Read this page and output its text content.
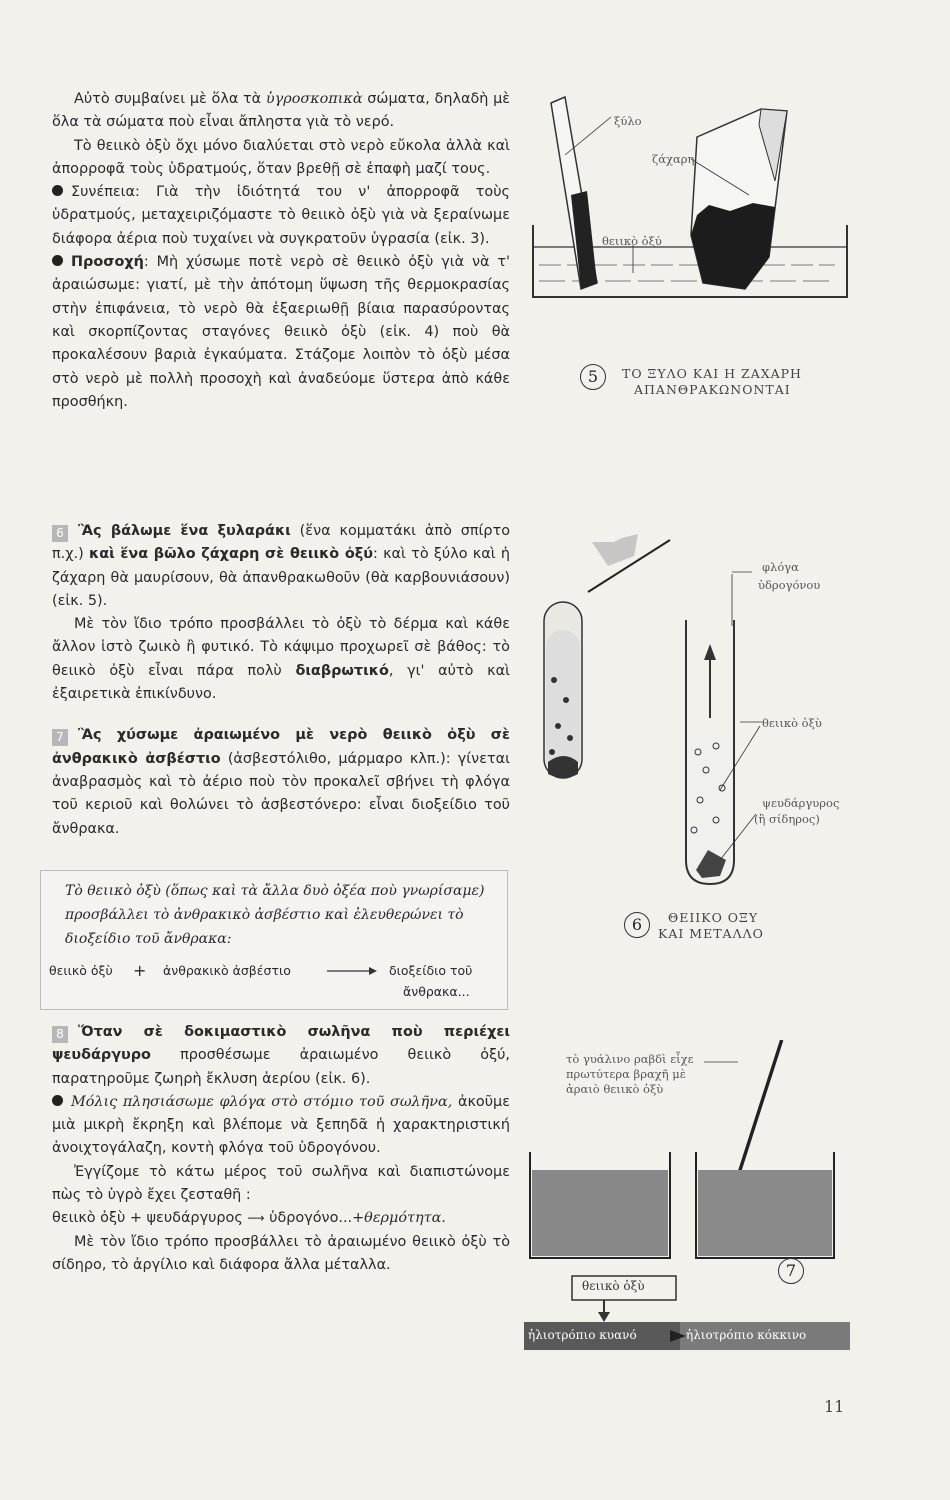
Αὐτὸ συμβαίνει μὲ ὅλα τὰ ὑγροσκοπικὰ σώματα, δηλαδὴ μὲ ὅλα τὰ σώματα ποὺ εἶναι ἄπληστα γιὰ τὸ νερό.

Τὸ θειικὸ ὀξὺ ὄχι μόνο διαλύεται στὸ νερὸ εὔκολα ἀλλὰ καὶ ἀπορροφᾶ τοὺς ὑδρατμούς, ὅταν βρεθῇ σὲ ἐπαφὴ μαζί τους.

Συνέπεια: Γιὰ τὴν ἰδιότητά του ν' ἀπορροφᾶ τοὺς ὑδρατμούς, μεταχειριζόμαστε τὸ θειικὸ ὀξὺ γιὰ νὰ ξεραίνωμε διάφορα ἀέρια ποὺ τυχαίνει νὰ συγκρατοῦν ὑγρασία (εἰκ. 3).

Προσοχή: Μὴ χύσωμε ποτὲ νερὸ σὲ θειικὸ ὀξὺ γιὰ νὰ τ' ἀραιώσωμε: γιατί, μὲ τὴν ἀπότομη ὕψωση τῆς θερμοκρασίας στὴν ἐπιφάνεια, τὸ νερὸ θὰ ἐξαεριωθῇ βίαια παρασύροντας καὶ σκορπίζοντας σταγόνες θειικὸ ὀξὺ (εἰκ. 4) ποὺ θὰ προκαλέσουν βαριὰ ἐγκαύματα. Στάζομε λοιπὸν τὸ ὀξὺ μέσα στὸ νερὸ μὲ πολλὴ προσοχὴ καὶ ἀναδεύομε ὕστερα ἀπὸ κάθε προσθήκη.

6 Ἂς βάλωμε ἕνα ξυλαράκι (ἕνα κομματάκι ἀπὸ σπίρτο π.χ.) καὶ ἕνα βῶλο ζάχαρη σὲ θειικὸ ὀξύ: καὶ τὸ ξύλο καὶ ἡ ζάχαρη θὰ μαυρίσουν, θὰ ἀπανθρακωθοῦν (θὰ καρβουνιάσουν) (εἰκ. 5).

Μὲ τὸν ἴδιο τρόπο προσβάλλει τὸ ὀξὺ τὸ δέρμα καὶ κάθε ἄλλον ἱστὸ ζωικὸ ἢ φυτικό. Τὸ κάψιμο προχωρεῖ σὲ βάθος: τὸ θειικὸ ὀξὺ εἶναι πάρα πολὺ διαβρωτικό, γι' αὐτὸ καὶ ἐξαιρετικὰ ἐπικίνδυνο.

7 Ἂς χύσωμε ἀραιωμένο μὲ νερὸ θειικὸ ὀξὺ σὲ ἀνθρακικὸ ἀσβέστιο (ἀσβεστόλιθο, μάρμαρο κλπ.): γίνεται ἀναβρασμὸς καὶ τὸ ἀέριο ποὺ τὸν προκαλεῖ σβήνει τὴ φλόγα τοῦ κεριοῦ καὶ θολώνει τὸ ἀσβεστόνερο: εἶναι διοξείδιο τοῦ ἄνθρακα.

Τὸ θειικὸ ὀξὺ (ὅπως καὶ τὰ ἄλλα δυὸ ὀξέα ποὺ γνωρίσαμε) προσβάλλει τὸ ἀνθρακικὸ ἀσβέστιο καὶ ἐλευθερώνει τὸ διοξείδιο τοῦ ἄνθρακα:

θειικὸ ὀξὺ + ἀνθρακικὸ ἀσβέστιο → διοξείδιο τοῦ
ἄνθρακα...

8 Ὅταν σὲ δοκιμαστικὸ σωλῆνα ποὺ περιέχει ψευδάργυρο προσθέσωμε ἀραιωμένο θειικὸ ὀξύ, παρατηροῦμε ζωηρὴ ἔκλυση ἀερίου (εἰκ. 6).

Μόλις πλησιάσωμε φλόγα στὸ στόμιο τοῦ σωλῆνα, ἀκοῦμε μιὰ μικρὴ ἔκρηξη καὶ βλέπομε νὰ ξεπηδᾶ ἡ χαρακτηριστική ἀνοιχτογάλαζη, κοντὴ φλόγα τοῦ ὑδρογόνου.

Ἐγγίζομε τὸ κάτω μέρος τοῦ σωλῆνα καὶ διαπιστώνομε πὼς τὸ ὑγρὸ ἔχει ζεσταθῆ :

θειικὸ ὀξὺ + ψευδάργυρος ⟶ ὑδρογόνο...+θερμότητα.

Μὲ τὸν ἴδιο τρόπο προσβάλλει τὸ ἀραιωμένο θειικὸ ὀξὺ τὸ σίδηρο, τὸ ἀργίλιο καὶ διάφορα ἄλλα μέταλλα.

ξύλο
ζάχαρη
θειικὸ ὀξύ
5	ΤΟ ΞΥΛΟ ΚΑΙ Η ΖΑΧΑΡΗ
ΑΠΑΝΘΡΑΚΩΝΟΝΤΑΙ
φλόγα
ὑδρογόνου
θειικὸ ὀξὺ
ψευδάργυρος
(ἢ σίδηρος)
6	ΘΕΙΙΚΟ ΟΞΥ
ΚΑΙ ΜΕΤΑΛΛΟ
τὸ γυάλινο ραβδὶ εἶχε
πρωτύτερα βραχῆ μὲ
ἀραιὸ θειικὸ ὀξὺ
θειικὸ ὀξὺ
7
ἡλιοτρόπιο κυανό	ἡλιοτρόπιο κόκκινο
11
